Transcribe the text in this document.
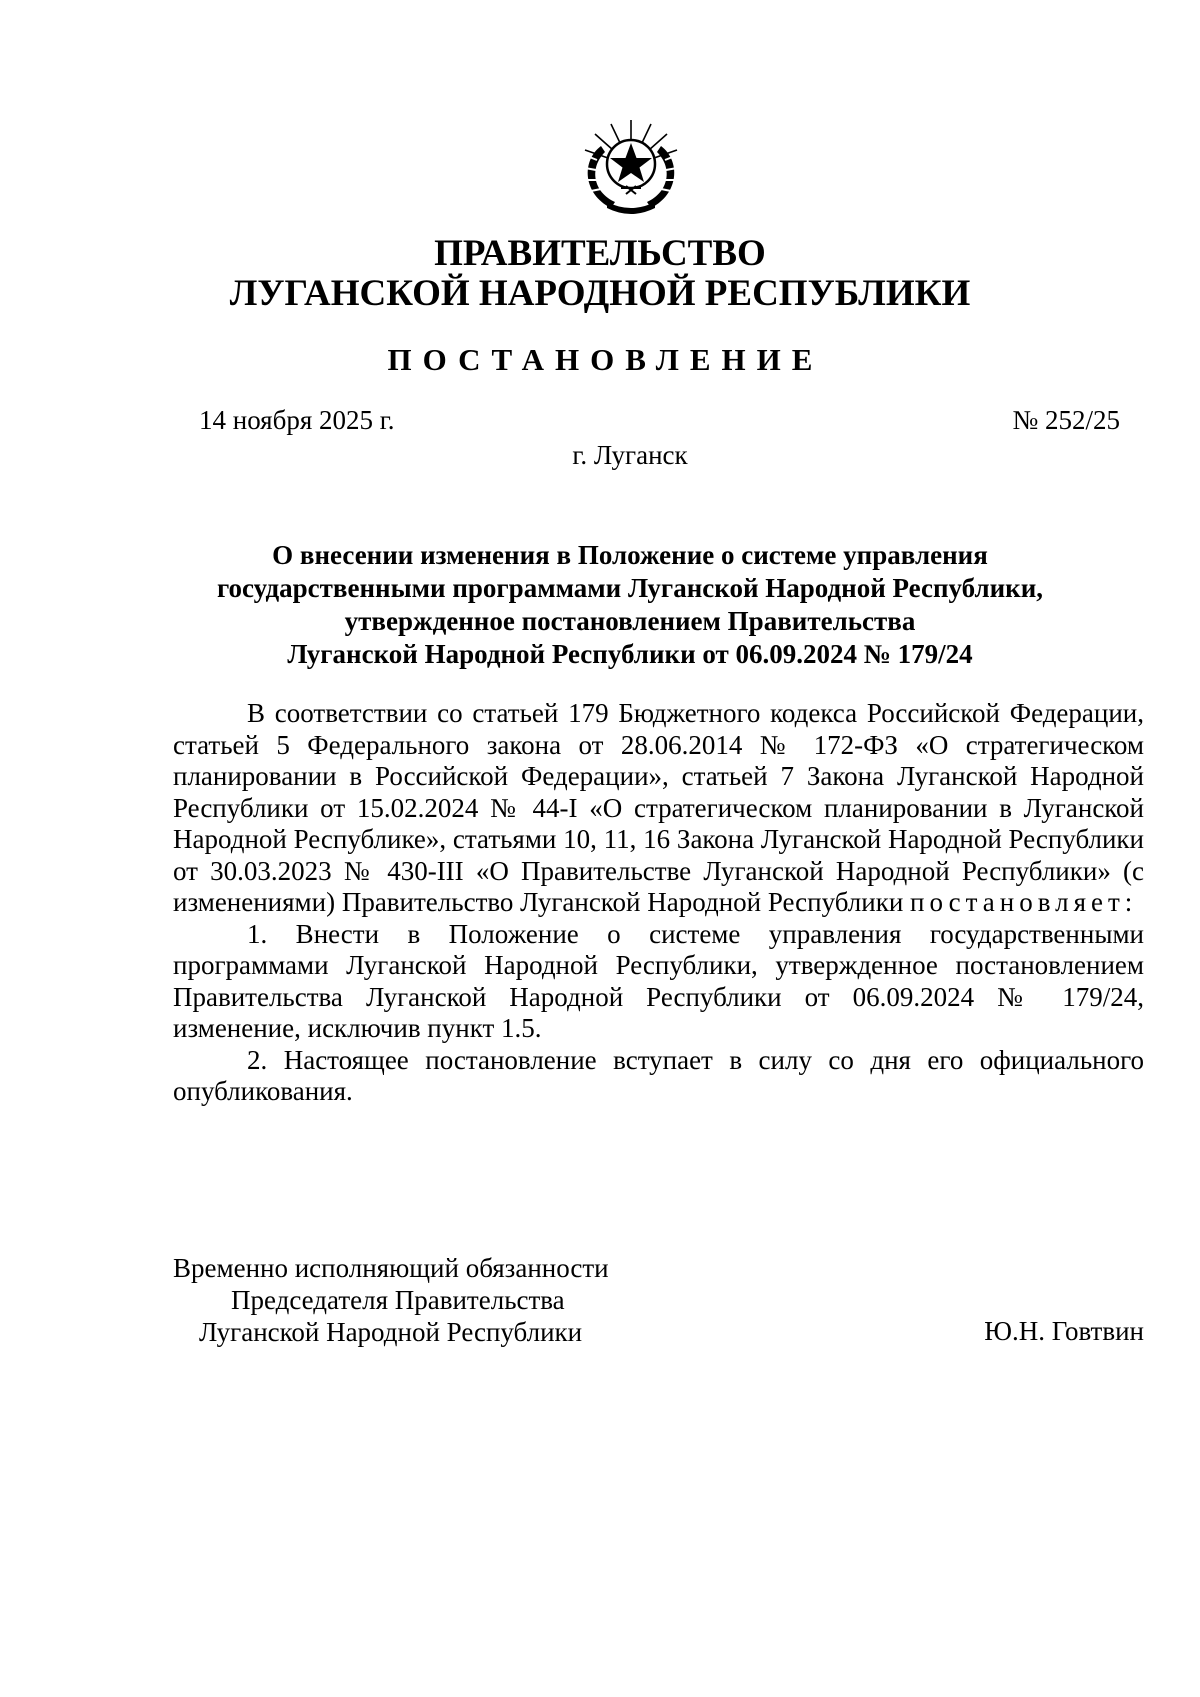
ПРАВИТЕЛЬСТВО
ЛУГАНСКОЙ НАРОДНОЙ РЕСПУБЛИКИ
ПОСТАНОВЛЕНИЕ
14 ноября 2025 г.	№ 252/25
г. Луганск
О внесении изменения в Положение о системе управления
государственными программами Луганской Народной Республики,
утвержденное постановлением Правительства
Луганской Народной Республики от 06.09.2024 № 179/24

В соответствии со статьей 179 Бюджетного кодекса Российской Федерации, статьей 5 Федерального закона от 28.06.2014 № 172-ФЗ «О стратегическом планировании в Российской Федерации», статьей 7 Закона Луганской Народной Республики от 15.02.2024 № 44-I «О стратегическом планировании в Луганской Народной Республике», статьями 10, 11, 16 Закона Луганской Народной Республики от 30.03.2023 № 430-III «О Правительстве Луганской Народной Республики» (с изменениями) Правительство Луганской Народной Республики постановляет:

1. Внести в Положение о системе управления государственными программами Луганской Народной Республики, утвержденное постановлением Правительства Луганской Народной Республики от 06.09.2024 № 179/24, изменение, исключив пункт 1.5.

2. Настоящее постановление вступает в силу со дня его официального опубликования.

Временно исполняющий обязанности
Председателя Правительства
Луганской Народной Республики	Ю.Н. Говтвин
